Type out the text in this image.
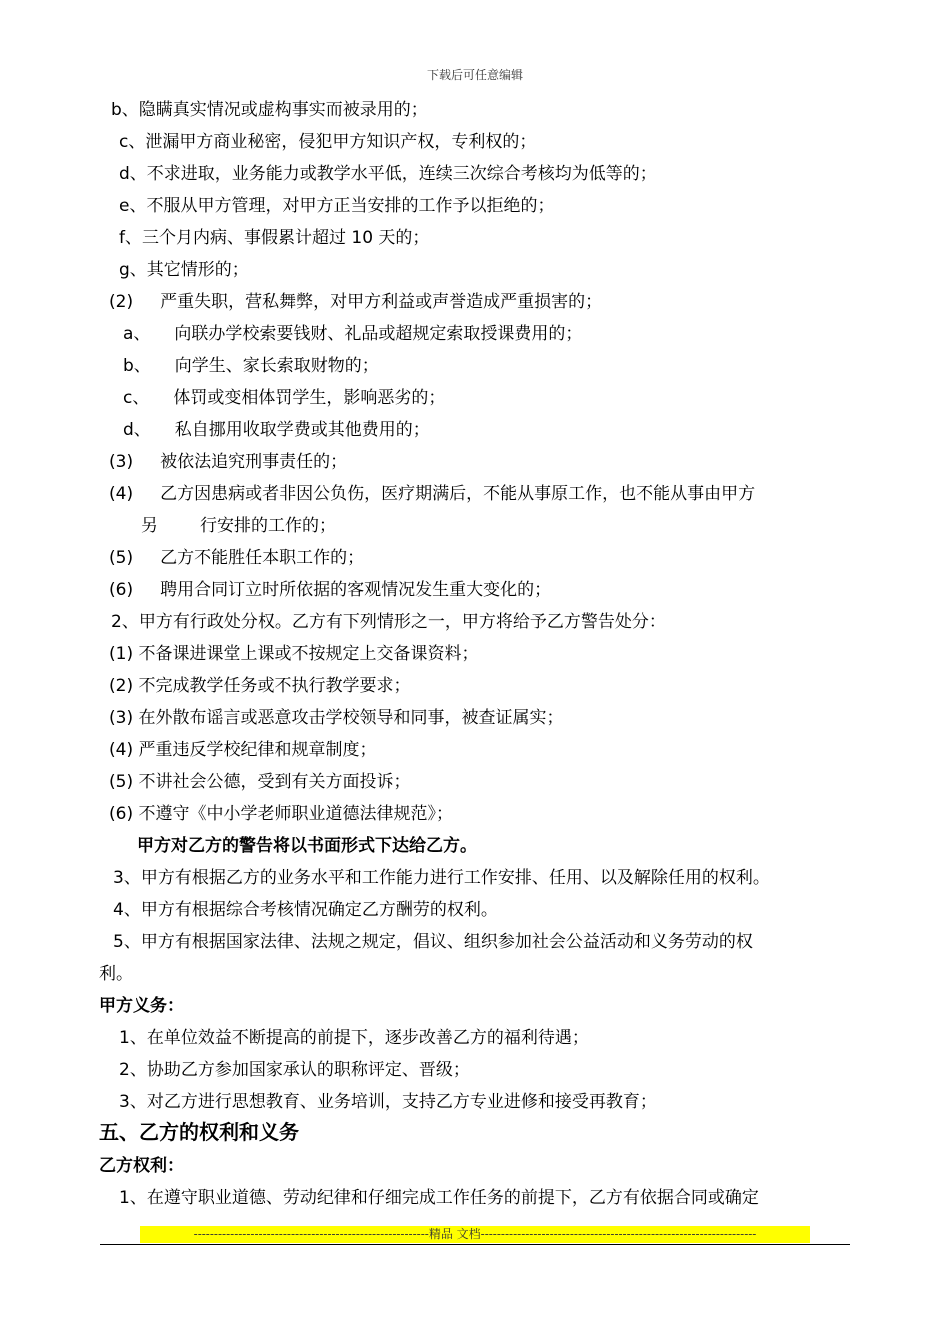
下载后可任意编辑
b、隐瞒真实情况或虚构事实而被录用的；
c、泄漏甲方商业秘密，侵犯甲方知识产权，专利权的；
d、不求进取，业务能力或教学水平低，连续三次综合考核均为低等的；
e、不服从甲方管理，对甲方正当安排的工作予以拒绝的；
f、三个月内病、事假累计超过 10 天的；
g、其它情形的；
(2) 严重失职，营私舞弊，对甲方利益或声誉造成严重损害的；
a、 向联办学校索要钱财、礼品或超规定索取授课费用的；
b、 向学生、家长索取财物的；
c、 体罚或变相体罚学生，影响恶劣的；
d、 私自挪用收取学费或其他费用的；
(3) 被依法追究刑事责任的；
(4) 乙方因患病或者非因公负伤，医疗期满后，不能从事原工作，也不能从事由甲方
另 行安排的工作的；
(5) 乙方不能胜任本职工作的；
(6) 聘用合同订立时所依据的客观情况发生重大变化的；
2、甲方有行政处分权。乙方有下列情形之一，甲方将给予乙方警告处分：
(1) 不备课进课堂上课或不按规定上交备课资料；
(2) 不完成教学任务或不执行教学要求；
(3) 在外散布谣言或恶意攻击学校领导和同事，被查证属实；
(4) 严重违反学校纪律和规章制度；
(5) 不讲社会公德，受到有关方面投诉；
(6) 不遵守《中小学老师职业道德法律规范》；
甲方对乙方的警告将以书面形式下达给乙方。
3、甲方有根据乙方的业务水平和工作能力进行工作安排、任用、以及解除任用的权利。
4、甲方有根据综合考核情况确定乙方酬劳的权利。
5、甲方有根据国家法律、法规之规定，倡议、组织参加社会公益活动和义务劳动的权
利。
甲方义务：
1、在单位效益不断提高的前提下，逐步改善乙方的福利待遇；
2、协助乙方参加国家承认的职称评定、晋级；
3、对乙方进行思想教育、业务培训，支持乙方专业进修和接受再教育；
五、乙方的权利和义务
乙方权利：
1、在遵守职业道德、劳动纪律和仔细完成工作任务的前提下，乙方有依据合同或确定
----------------------------------------------------------精品 文档--------------------------------------------------------------------
